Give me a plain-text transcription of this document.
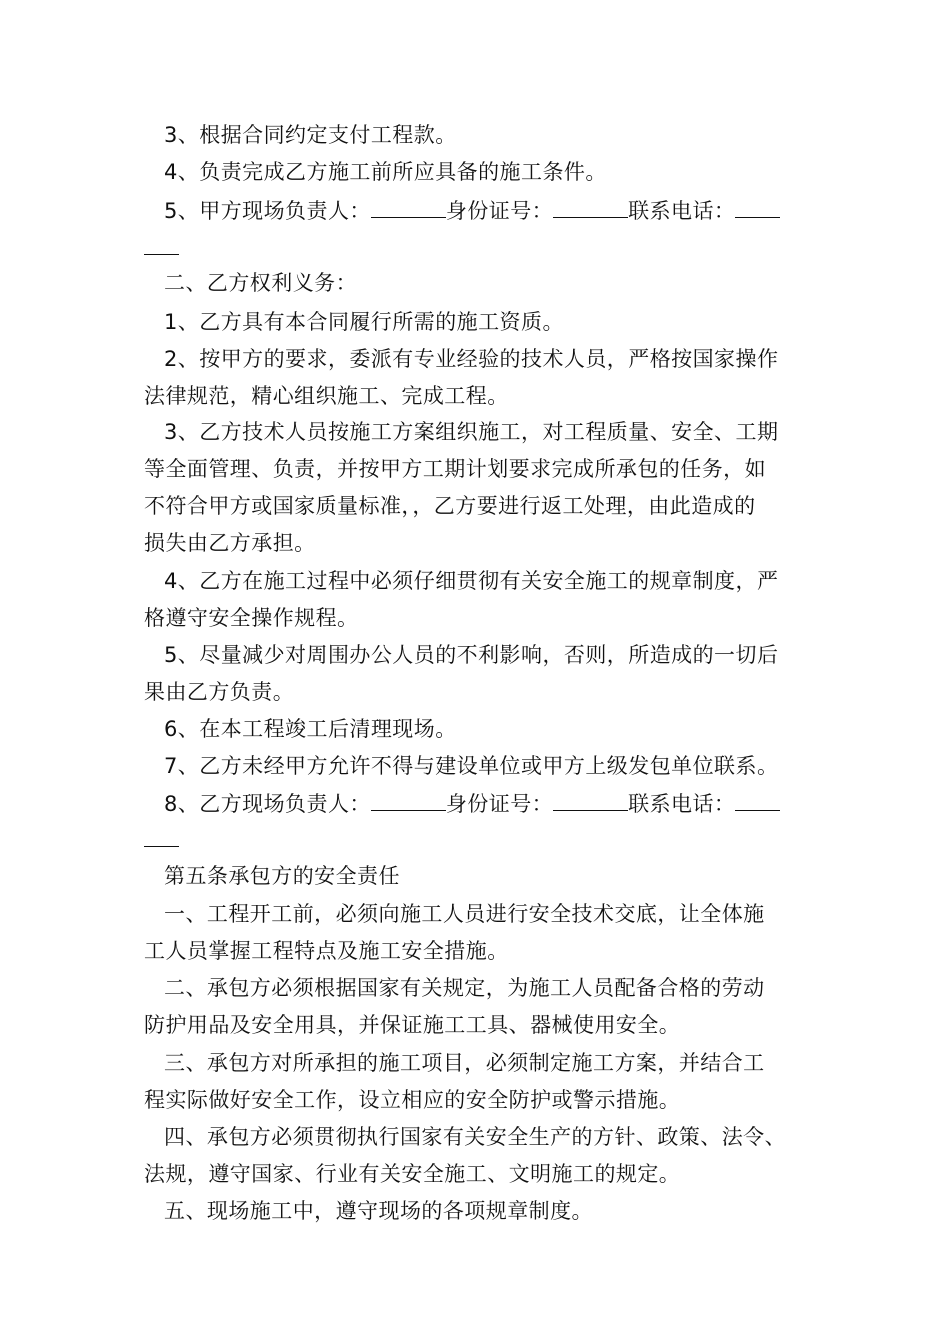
3、根据合同约定支付工程款。
4、负责完成乙方施工前所应具备的施工条件。
5、甲方现场负责人：	身份证号：	联系电话：
二、乙方权利义务：
1、乙方具有本合同履行所需的施工资质。
2、按甲方的要求，委派有专业经验的技术人员，严格按国家操作
法律规范，精心组织施工、完成工程。
3、乙方技术人员按施工方案组织施工，对工程质量、安全、工期
等全面管理、负责，并按甲方工期计划要求完成所承包的任务，如
不符合甲方或国家质量标准，，乙方要进行返工处理，由此造成的
损失由乙方承担。
4、乙方在施工过程中必须仔细贯彻有关安全施工的规章制度，严
格遵守安全操作规程。
5、尽量减少对周围办公人员的不利影响，否则，所造成的一切后
果由乙方负责。
6、在本工程竣工后清理现场。
7、乙方未经甲方允许不得与建设单位或甲方上级发包单位联系。
8、乙方现场负责人：	身份证号：	联系电话：
第五条承包方的安全责任
一、工程开工前，必须向施工人员进行安全技术交底，让全体施
工人员掌握工程特点及施工安全措施。
二、承包方必须根据国家有关规定，为施工人员配备合格的劳动
防护用品及安全用具，并保证施工工具、器械使用安全。
三、承包方对所承担的施工项目，必须制定施工方案，并结合工
程实际做好安全工作，设立相应的安全防护或警示措施。
四、承包方必须贯彻执行国家有关安全生产的方针、政策、法令、
法规，遵守国家、行业有关安全施工、文明施工的规定。
五、现场施工中，遵守现场的各项规章制度。
